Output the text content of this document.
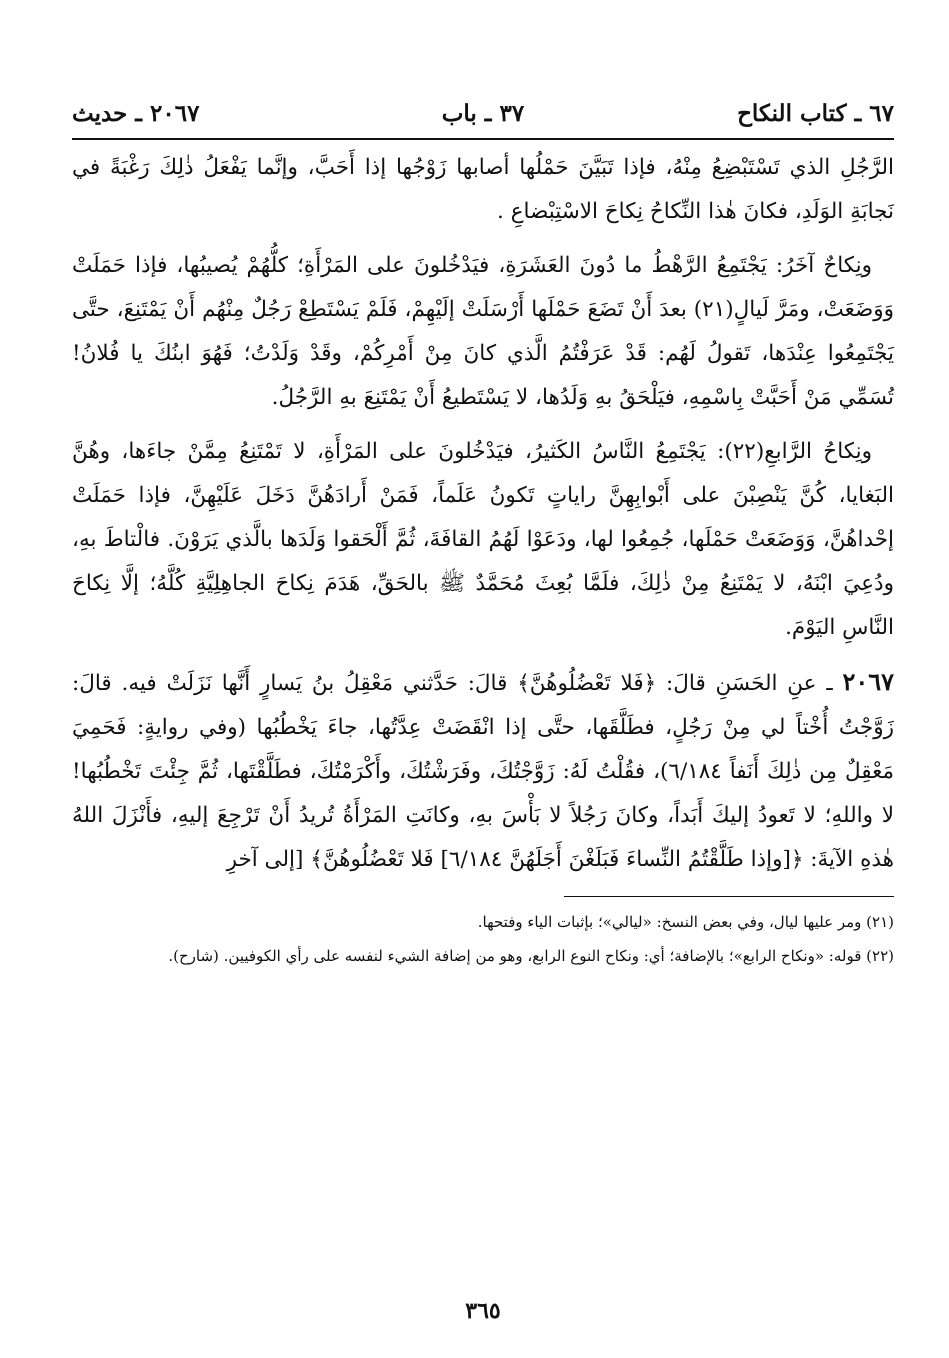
٦٧ ـ كتاب النكاح
٣٧ ـ باب
٢٠٦٧ ـ حديث

الرَّجُلِ الذي تَسْتَبْضِعُ مِنْهُ، فإذا تَبَيَّنَ حَمْلُها أصابها زَوْجُها إذا أَحَبَّ، وإنَّما يَفْعَلُ ذٰلِكَ رَغْبَةً في نَجابَةِ الوَلَدِ، فكانَ هٰذا النِّكاحُ نِكاحَ الاسْتِبْضاعِ .

ونِكاحٌ آخَرُ: يَجْتَمِعُ الرَّهْطُ ما دُونَ العَشَرَةِ، فيَدْخُلونَ على المَرْأَةِ؛ كلُّهُمْ يُصيبُها، فإذا حَمَلَتْ وَوَضَعَتْ، ومَرَّ لَيالٍ(٢١) بعدَ أَنْ تَضَعَ حَمْلَها أَرْسَلَتْ إلَيْهِمْ، فَلَمْ يَسْتَطِعْ رَجُلٌ مِنْهُم أَنْ يَمْتَنِعَ، حتَّى يَجْتَمِعُوا عِنْدَها، تَقولُ لَهُم: قَدْ عَرَفْتُمُ الَّذي كانَ مِنْ أَمْرِكُمْ، وقَدْ وَلَدْتُ؛ فَهُوَ ابنُكَ يا فُلانُ! تُسَمِّي مَنْ أَحَبَّتْ بِاسْمِهِ، فيَلْحَقُ بهِ وَلَدُها، لا يَسْتَطيعُ أَنْ يَمْتَنِعَ بهِ الرَّجُلُ.

ونِكاحُ الرَّابعِ(٢٢): يَجْتَمِعُ النَّاسُ الكَثيرُ، فيَدْخُلونَ على المَرْأَةِ، لا تَمْتَنِعُ مِمَّنْ جاءَها، وهُنَّ البَغايا، كُنَّ يَنْصِبْنَ على أَبْوابِهِنَّ راياتٍ تَكونُ عَلَماً، فَمَنْ أَرادَهُنَّ دَخَلَ عَلَيْهِنَّ، فإذا حَمَلَتْ إحْداهُنَّ، وَوَضَعَتْ حَمْلَها، جُمِعُوا لها، ودَعَوْا لَهُمُ القافَةَ، ثُمَّ أَلْحَقوا وَلَدَها بالَّذي يَرَوْنَ. فالْتاطَ بهِ، ودُعِيَ ابْنَهُ، لا يَمْتَنِعُ مِنْ ذٰلِكَ، فلَمَّا بُعِثَ مُحَمَّدٌ ﷺ بالحَقِّ، هَدَمَ نِكاحَ الجاهِلِيَّةِ كُلَّهُ؛ إلَّا نِكاحَ النَّاسِ اليَوْمَ.

٢٠٦٧ ـ عنِ الحَسَنِ قالَ: ﴿فَلا تَعْضُلُوهُنَّ﴾ قالَ: حَدَّثني مَعْقِلُ بنُ يَسارٍ أَنَّها نَزَلَتْ فيه. قالَ: زَوَّجْتُ أُخْتاً لي مِنْ رَجُلٍ، فطَلَّقَها، حتَّى إذا انْقَضَتْ عِدَّتُها، جاءَ يَخْطُبُها (وفي روايةٍ: فَحَمِيَ مَعْقِلٌ مِن ذٰلِكَ أَنَفاً ٦/١٨٤)، فقُلْتُ لَهُ: زَوَّجْتُكَ، وفَرَشْتُكَ، وأَكْرَمْتُكَ، فطَلَّقْتَها، ثُمَّ جِئْتَ تَخْطُبُها! لا واللهِ؛ لا تَعودُ إليكَ أَبَداً، وكانَ رَجُلاً لا بَأْسَ بهِ، وكانَتِ المَرْأَةُ تُريدُ أَنْ تَرْجِعَ إليهِ، فأَنْزَلَ اللهُ هٰذهِ الآيةَ: ﴿[وإذا طَلَّقْتُمُ النِّساءَ فَبَلَغْنَ أَجَلَهُنَّ ٦/١٨٤] فَلا تَعْضُلُوهُنَّ﴾ [إلى آخرِ

(٢١) ومر عليها ليال، وفي بعض النسخ: «ليالي»؛ بإثبات الياء وفتحها.

(٢٢) قوله: «ونكاح الرابع»؛ بالإضافة؛ أي: ونكاح النوع الرابع، وهو من إضافة الشيء لنفسه على رأي الكوفيين. (شارح).

٣٦٥
